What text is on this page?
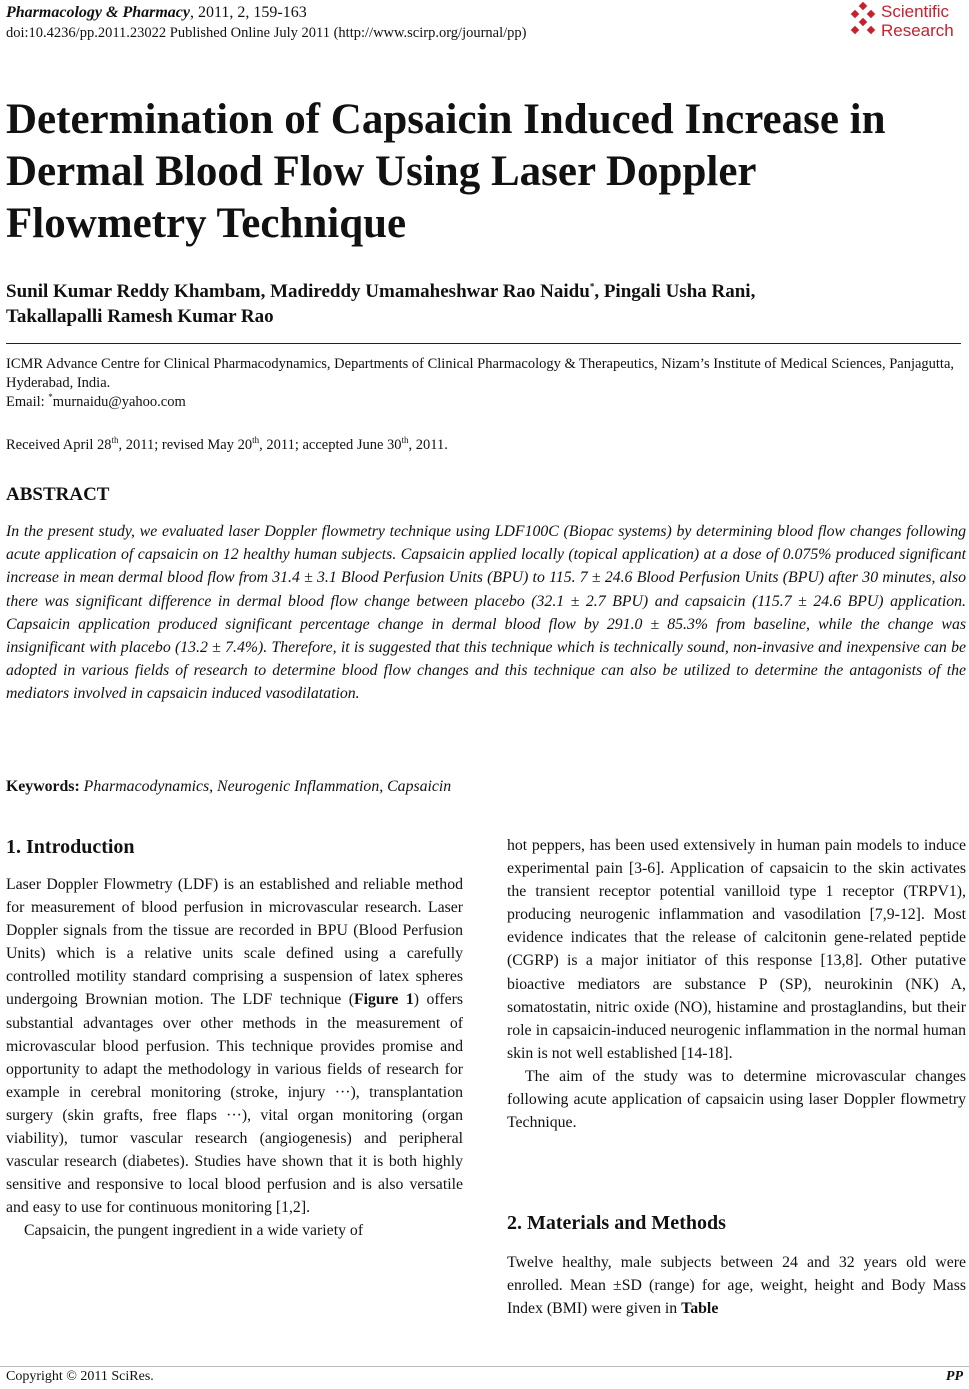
Pharmacology & Pharmacy, 2011, 2, 159-163
doi:10.4236/pp.2011.23022 Published Online July 2011 (http://www.scirp.org/journal/pp)
Scientific
Research
Determination of Capsaicin Induced Increase in Dermal Blood Flow Using Laser Doppler Flowmetry Technique
Sunil Kumar Reddy Khambam, Madireddy Umamaheshwar Rao Naidu*, Pingali Usha Rani,
Takallapalli Ramesh Kumar Rao
ICMR Advance Centre for Clinical Pharmacodynamics, Departments of Clinical Pharmacology & Therapeutics, Nizam’s Institute of Medical Sciences, Panjagutta, Hyderabad, India.
Email: *murnaidu@yahoo.com
Received April 28th, 2011; revised May 20th, 2011; accepted June 30th, 2011.
ABSTRACT
In the present study, we evaluated laser Doppler flowmetry technique using LDF100C (Biopac systems) by determining blood flow changes following acute application of capsaicin on 12 healthy human subjects. Capsaicin applied locally (topical application) at a dose of 0.075% produced significant increase in mean dermal blood flow from 31.4 ± 3.1 Blood Perfusion Units (BPU) to 115. 7 ± 24.6 Blood Perfusion Units (BPU) after 30 minutes, also there was significant difference in dermal blood flow change between placebo (32.1 ± 2.7 BPU) and capsaicin (115.7 ± 24.6 BPU) application. Capsaicin application produced significant percentage change in dermal blood flow by 291.0 ± 85.3% from baseline, while the change was insignificant with placebo (13.2 ± 7.4%). Therefore, it is suggested that this technique which is technically sound, non-invasive and inexpensive can be adopted in various fields of research to determine blood flow changes and this technique can also be utilized to determine the antagonists of the mediators involved in capsaicin induced vasodilatation.
Keywords: Pharmacodynamics, Neurogenic Inflammation, Capsaicin
1. Introduction

Laser Doppler Flowmetry (LDF) is an established and reliable method for measurement of blood perfusion in microvascular research. Laser Doppler signals from the tissue are recorded in BPU (Blood Perfusion Units) which is a relative units scale defined using a carefully controlled motility standard comprising a suspension of latex spheres undergoing Brownian motion. The LDF technique (Figure 1) offers substantial advantages over other methods in the measurement of microvascular blood perfusion. This technique provides promise and opportunity to adapt the methodology in various fields of research for example in cerebral monitoring (stroke, injury ···), transplantation surgery (skin grafts, free flaps ···), vital organ monitoring (organ viability), tumor vascular research (angiogenesis) and peripheral vascular research (diabetes). Studies have shown that it is both highly sensitive and responsive to local blood perfusion and is also versatile and easy to use for continuous monitoring [1,2].

Capsaicin, the pungent ingredient in a wide variety of

hot peppers, has been used extensively in human pain models to induce experimental pain [3-6]. Application of capsaicin to the skin activates the transient receptor potential vanilloid type 1 receptor (TRPV1), producing neurogenic inflammation and vasodilation [7,9-12]. Most evidence indicates that the release of calcitonin gene-related peptide (CGRP) is a major initiator of this response [13,8]. Other putative bioactive mediators are substance P (SP), neurokinin (NK) A, somatostatin, nitric oxide (NO), histamine and prostaglandins, but their role in capsaicin-induced neurogenic inflammation in the normal human skin is not well established [14-18].

The aim of the study was to determine microvascular changes following acute application of capsaicin using laser Doppler flowmetry Technique.

2. Materials and Methods

Twelve healthy, male subjects between 24 and 32 years old were enrolled. Mean ±SD (range) for age, weight, height and Body Mass Index (BMI) were given in Table

Copyright © 2011 SciRes.	PP
